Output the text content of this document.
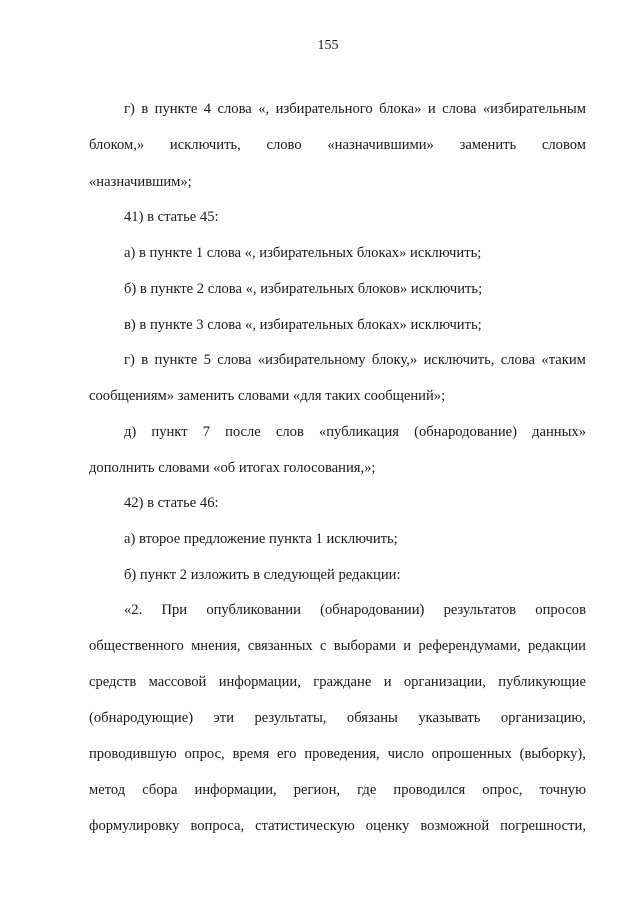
155
г) в пункте 4 слова «, избирательного блока» и слова «избирательным
блоком,» исключить, слово «назначившими» заменить словом
«назначившим»;
41) в статье 45:
а) в пункте 1 слова «, избирательных блоках» исключить;
б) в пункте 2 слова «, избирательных блоков» исключить;
в) в пункте 3 слова «, избирательных блоках» исключить;
г) в пункте 5 слова «избирательному блоку,» исключить, слова «таким
сообщениям» заменить словами «для таких сообщений»;
д) пункт 7 после слов «публикация (обнародование) данных»
дополнить словами «об итогах голосования,»;
42) в статье 46:
а) второе предложение пункта 1 исключить;
б) пункт 2 изложить в следующей редакции:
«2. При опубликовании (обнародовании) результатов опросов
общественного мнения, связанных с выборами и референдумами, редакции
средств массовой информации, граждане и организации, публикующие
(обнародующие) эти результаты, обязаны указывать организацию,
проводившую опрос, время его проведения, число опрошенных (выборку),
метод сбора информации, регион, где проводился опрос, точную
формулировку вопроса, статистическую оценку возможной погрешности,
